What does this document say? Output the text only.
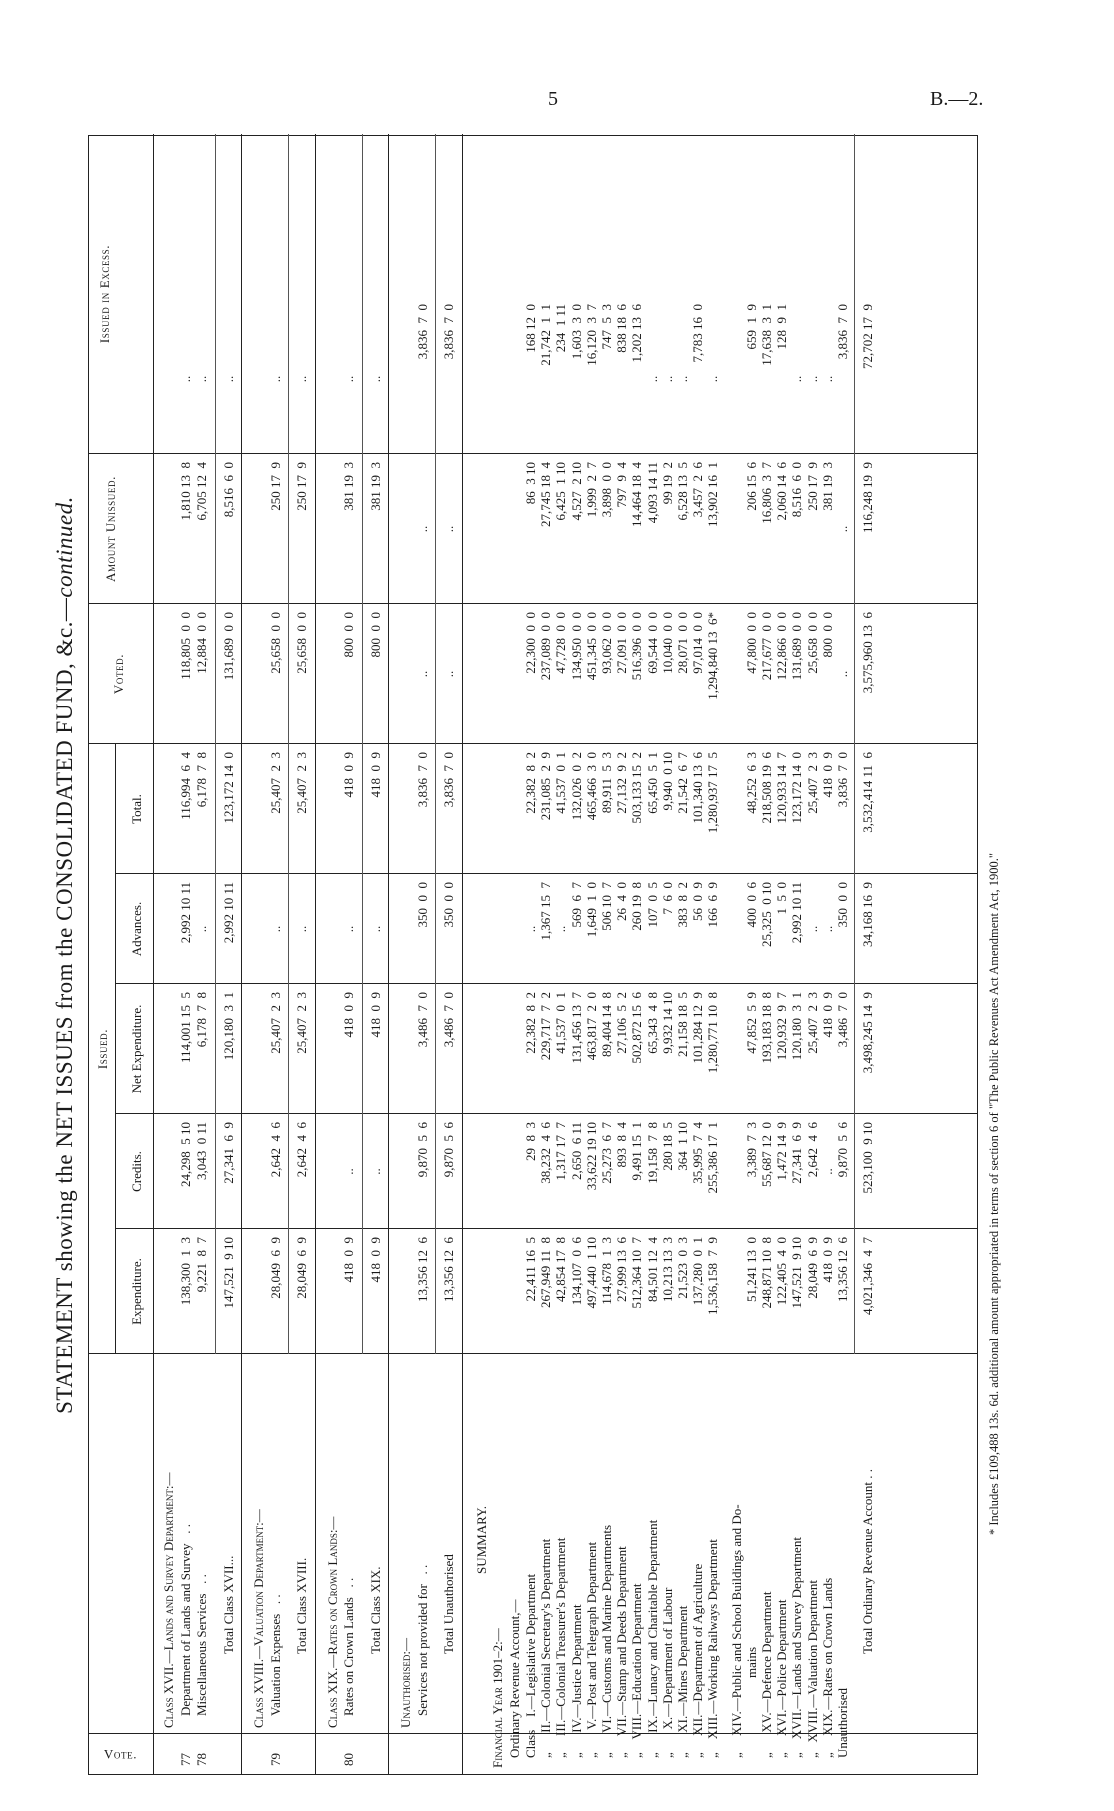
5	B.—2.
STATEMENT showing the NET ISSUES from the CONSOLIDATED FUND, &c.—continued.
Vote.
Issued.
Expenditure.
Credits.
Net Expenditure.
Advances.
Total.
Voted.
Amount Unissued.
Issued in Excess.
Class XVII.—Lands and Survey Department:—
77
Department of Lands and Survey   . .
138,300  1  3
24,298  5 10
114,001 15  5
2,992 10 11
116,994  6  4
118,805  0  0
1,810 13  8
..
78
Miscellaneous Services   . .
9,221  8  7
3,043  0 11
6,178  7  8
..
6,178  7  8
12,884  0  0
6,705 12  4
..
Total Class XVII...
147,521  9 10
27,341  6  9
120,180  3  1
2,992 10 11
123,172 14  0
131,689  0  0
8,516  6  0
..
Class XVIII.—Valuation Department:—
79
Valuation Expenses   . .
28,049  6  9
2,642  4  6
25,407  2  3
..
25,407  2  3
25,658  0  0
250 17  9
..
Total Class XVIII.
28,049  6  9
2,642  4  6
25,407  2  3
..
25,407  2  3
25,658  0  0
250 17  9
..
Class XIX.—Rates on Crown Lands:—
80
Rates on Crown Lands   . .
418  0  9
..
418  0  9
..
418  0  9
800  0  0
381 19  3
..
Total Class XIX.
418  0  9
..
418  0  9
..
418  0  9
800  0  0
381 19  3
..
Unauthorised:— Services not provided for   . .
13,356 12  6
9,870  5  6
3,486  7  0
350  0  0
3,836  7  0
..
..
3,836  7  0
Total Unauthorised
13,356 12  6
9,870  5  6
3,486  7  0
350  0  0
3,836  7  0
..
..
3,836  7  0
SUMMARY.
Financial Year 1901–2:— Ordinary Revenue Account,— Class    I.—Legislative Department
22,411 16  5
29  8  3
22,382  8  2
..
22,382  8  2
22,300  0  0
86  3 10
168 12  0
„      II.—Colonial Secretary's Department
267,949 11  8
38,232  4  6
229,717  7  2
1,367 15  7
231,085  2  9
237,089  0  0
27,745 18  4
21,742  1  1
„     III.—Colonial Treasurer's Department
42,854 17  8
1,317 17  7
41,537  0  1
..
41,537  0  1
47,728  0  0
6,425  1 10
234  1 11
„      IV.—Justice Department
134,107  0  6
2,650  6 11
131,456 13  7
569  6  7
132,026  0  2
134,950  0  0
4,527  2 10
1,603  3  0
„       V.—Post and Telegraph Department
497,440  1 10
33,622 19 10
463,817  2  0
1,649  1  0
465,466  3  0
451,345  0  0
1,999  2  7
16,120  3  7
„      VI.—Customs and Marine Departments
114,678  1  3
25,273  6  7
89,404 14  8
506 10  7
89,911  5  3
93,062  0  0
3,898  0  0
747  5  3
„     VII.—Stamp and Deeds Department
27,999 13  6
893  8  4
27,106  5  2
26  4  0
27,132  9  2
27,091  0  0
797  9  4
838 18  6
„    VIII.—Education Department
512,364 10  7
9,491 15  1
502,872 15  6
260 19  8
503,133 15  2
516,396  0  0
14,464 18  4
1,202 13  6
„      IX.—Lunacy and Charitable Department
84,501 12  4
19,158  7  8
65,343  4  8
107  0  5
65,450  5  1
69,544  0  0
4,093 14 11
..
„       X.—Department of Labour
10,213 13  3
280 18  5
9,932 14 10
7  6  0
9,940  0 10
10,040  0  0
99 19  2
..
„      XI.—Mines Department
21,523  0  3
364  1 10
21,158 18  5
383  8  2
21,542  6  7
28,071  0  0
6,528 13  5
..
„     XII.—Department of Agriculture
137,280  0  1
35,995  7  4
101,284 12  9
56  0  9
101,340 13  6
97,014  0  0
3,457  2  6
7,783 16  0
„    XIII.—Working Railways Department
1,536,158  7  9
255,386 17  1
1,280,771 10  8
166  6  9
1,280,937 17  5
1,294,840 13  6*
13,902 16  1
..
„     XIV.—Public and School Buildings and Do- mains
51,241 13  0
3,389  7  3
47,852  5  9
400  0  6
48,252  6  3
47,800  0  0
206 15  6
659  1  9
„      XV.—Defence Department
248,871 10  8
55,687 12  0
193,183 18  8
25,325  0 10
218,508 19  6
217,677  0  0
16,806  3  7
17,638  3  1
„     XVI.—Police Department
122,405  4  0
1,472 14  9
120,932  9  7
1  5  0
120,933 14  7
122,866  0  0
2,060 14  6
128  9  1
„    XVII.—Lands and Survey Department
147,521  9 10
27,341  6  9
120,180  3  1
2,992 10 11
123,172 14  0
131,689  0  0
8,516  6  0
..
„   XVIII.—Valuation Department
28,049  6  9
2,642  4  6
25,407  2  3
..
25,407  2  3
25,658  0  0
250 17  9
..
„     XIX.—Rates on Crown Lands
418  0  9
..
418  0  9
..
418  0  9
800  0  0
381 19  3
..
Unauthorised
13,356 12  6
9,870  5  6
3,486  7  0
350  0  0
3,836  7  0
..
..
3,836  7  0
Total Ordinary Revenue Account . .
4,021,346  4  7
523,100  9 10
3,498,245 14  9
34,168 16  9
3,532,414 11  6
3,575,960 13  6
116,248 19  9
72,702 17  9
* Includes £109,488 13s. 6d. additional amount appropriated in terms of section 6 of "The Public Revenues Act Amendment Act, 1900."
